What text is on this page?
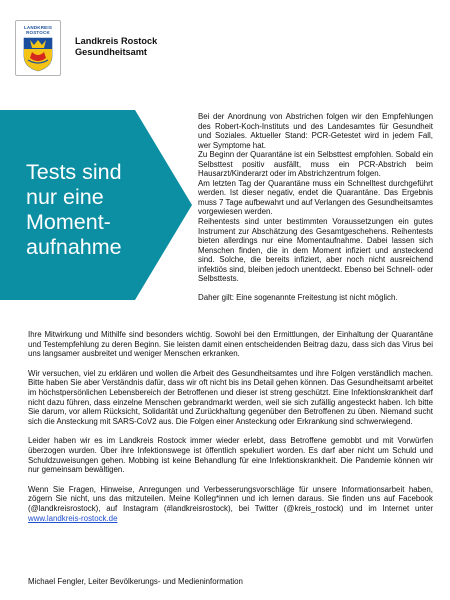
LANDKREIS
ROSTOCK
Landkreis Rostock
Gesundheitsamt
Tests sind
nur eine
Moment-
aufnahme

Bei der Anordnung von Abstrichen folgen wir den Empfehlungen des Robert-Koch-Instituts und des Landesamtes für Gesundheit und Soziales. Aktueller Stand: PCR-Getestet wird in jedem Fall, wer Symptome hat.

Zu Beginn der Quarantäne ist ein Selbsttest empfohlen. Sobald ein Selbsttest positiv ausfällt, muss ein PCR-Abstrich beim Hausarzt/Kinderarzt oder im Abstrichzentrum folgen.

Am letzten Tag der Quarantäne muss ein Schnelltest durchgeführt werden. Ist dieser negativ, endet die Quarantäne. Das Ergebnis muss 7 Tage aufbewahrt und auf Verlangen des Gesundheitsamtes vorgewiesen werden.

Reihentests sind unter bestimmten Voraussetzungen ein gutes Instrument zur Abschätzung des Gesamtgeschehens. Reihentests bieten allerdings nur eine Momentaufnahme. Dabei lassen sich Menschen finden, die in dem Moment infiziert und ansteckend sind. Solche, die bereits infiziert, aber noch nicht ausreichend infektiös sind, bleiben jedoch unentdeckt. Ebenso bei Schnell- oder Selbsttests.

Daher gilt: Eine sogenannte Freitestung ist nicht möglich.

Ihre Mitwirkung und Mithilfe sind besonders wichtig. Sowohl bei den Ermittlungen, der Einhaltung der Quarantäne und Testempfehlung zu deren Beginn. Sie leisten damit einen entscheidenden Beitrag dazu, dass sich das Virus bei uns langsamer ausbreitet und weniger Menschen erkranken.

Wir versuchen, viel zu erklären und wollen die Arbeit des Gesundheitsamtes und ihre Folgen verständlich machen. Bitte haben Sie aber Verständnis dafür, dass wir oft nicht bis ins Detail gehen können. Das Gesundheitsamt arbeitet im höchstpersönlichen Lebensbereich der Betroffenen und dieser ist streng geschützt. Eine Infektionskrankheit darf nicht dazu führen, dass einzelne Menschen gebrandmarkt werden, weil sie sich zufällig angesteckt haben. Ich bitte Sie darum, vor allem Rücksicht, Solidarität und Zurückhaltung gegenüber den Betroffenen zu üben. Niemand sucht sich die Ansteckung mit SARS-CoV2 aus. Die Folgen einer Ansteckung oder Erkrankung sind schwerwiegend.

Leider haben wir es im Landkreis Rostock immer wieder erlebt, dass Betroffene gemobbt und mit Vorwürfen überzogen wurden. Über ihre Infektionswege ist öffentlich spekuliert worden. Es darf aber nicht um Schuld und Schuldzuweisungen gehen. Mobbing ist keine Behandlung für eine Infektionskrankheit. Die Pandemie können wir nur gemeinsam bewältigen.

Wenn Sie Fragen, Hinweise, Anregungen und Verbesserungsvorschläge für unsere Informationsarbeit haben, zögern Sie nicht, uns das mitzuteilen. Meine Kolleg*innen und ich lernen daraus. Sie finden uns auf Facebook (@landkreisrostock), auf Instagram (#landkreisrostock), bei Twitter (@kreis_rostock) und im Internet unter www.landkreis-rostock.de

Michael Fengler, Leiter Bevölkerungs- und Medieninformation
